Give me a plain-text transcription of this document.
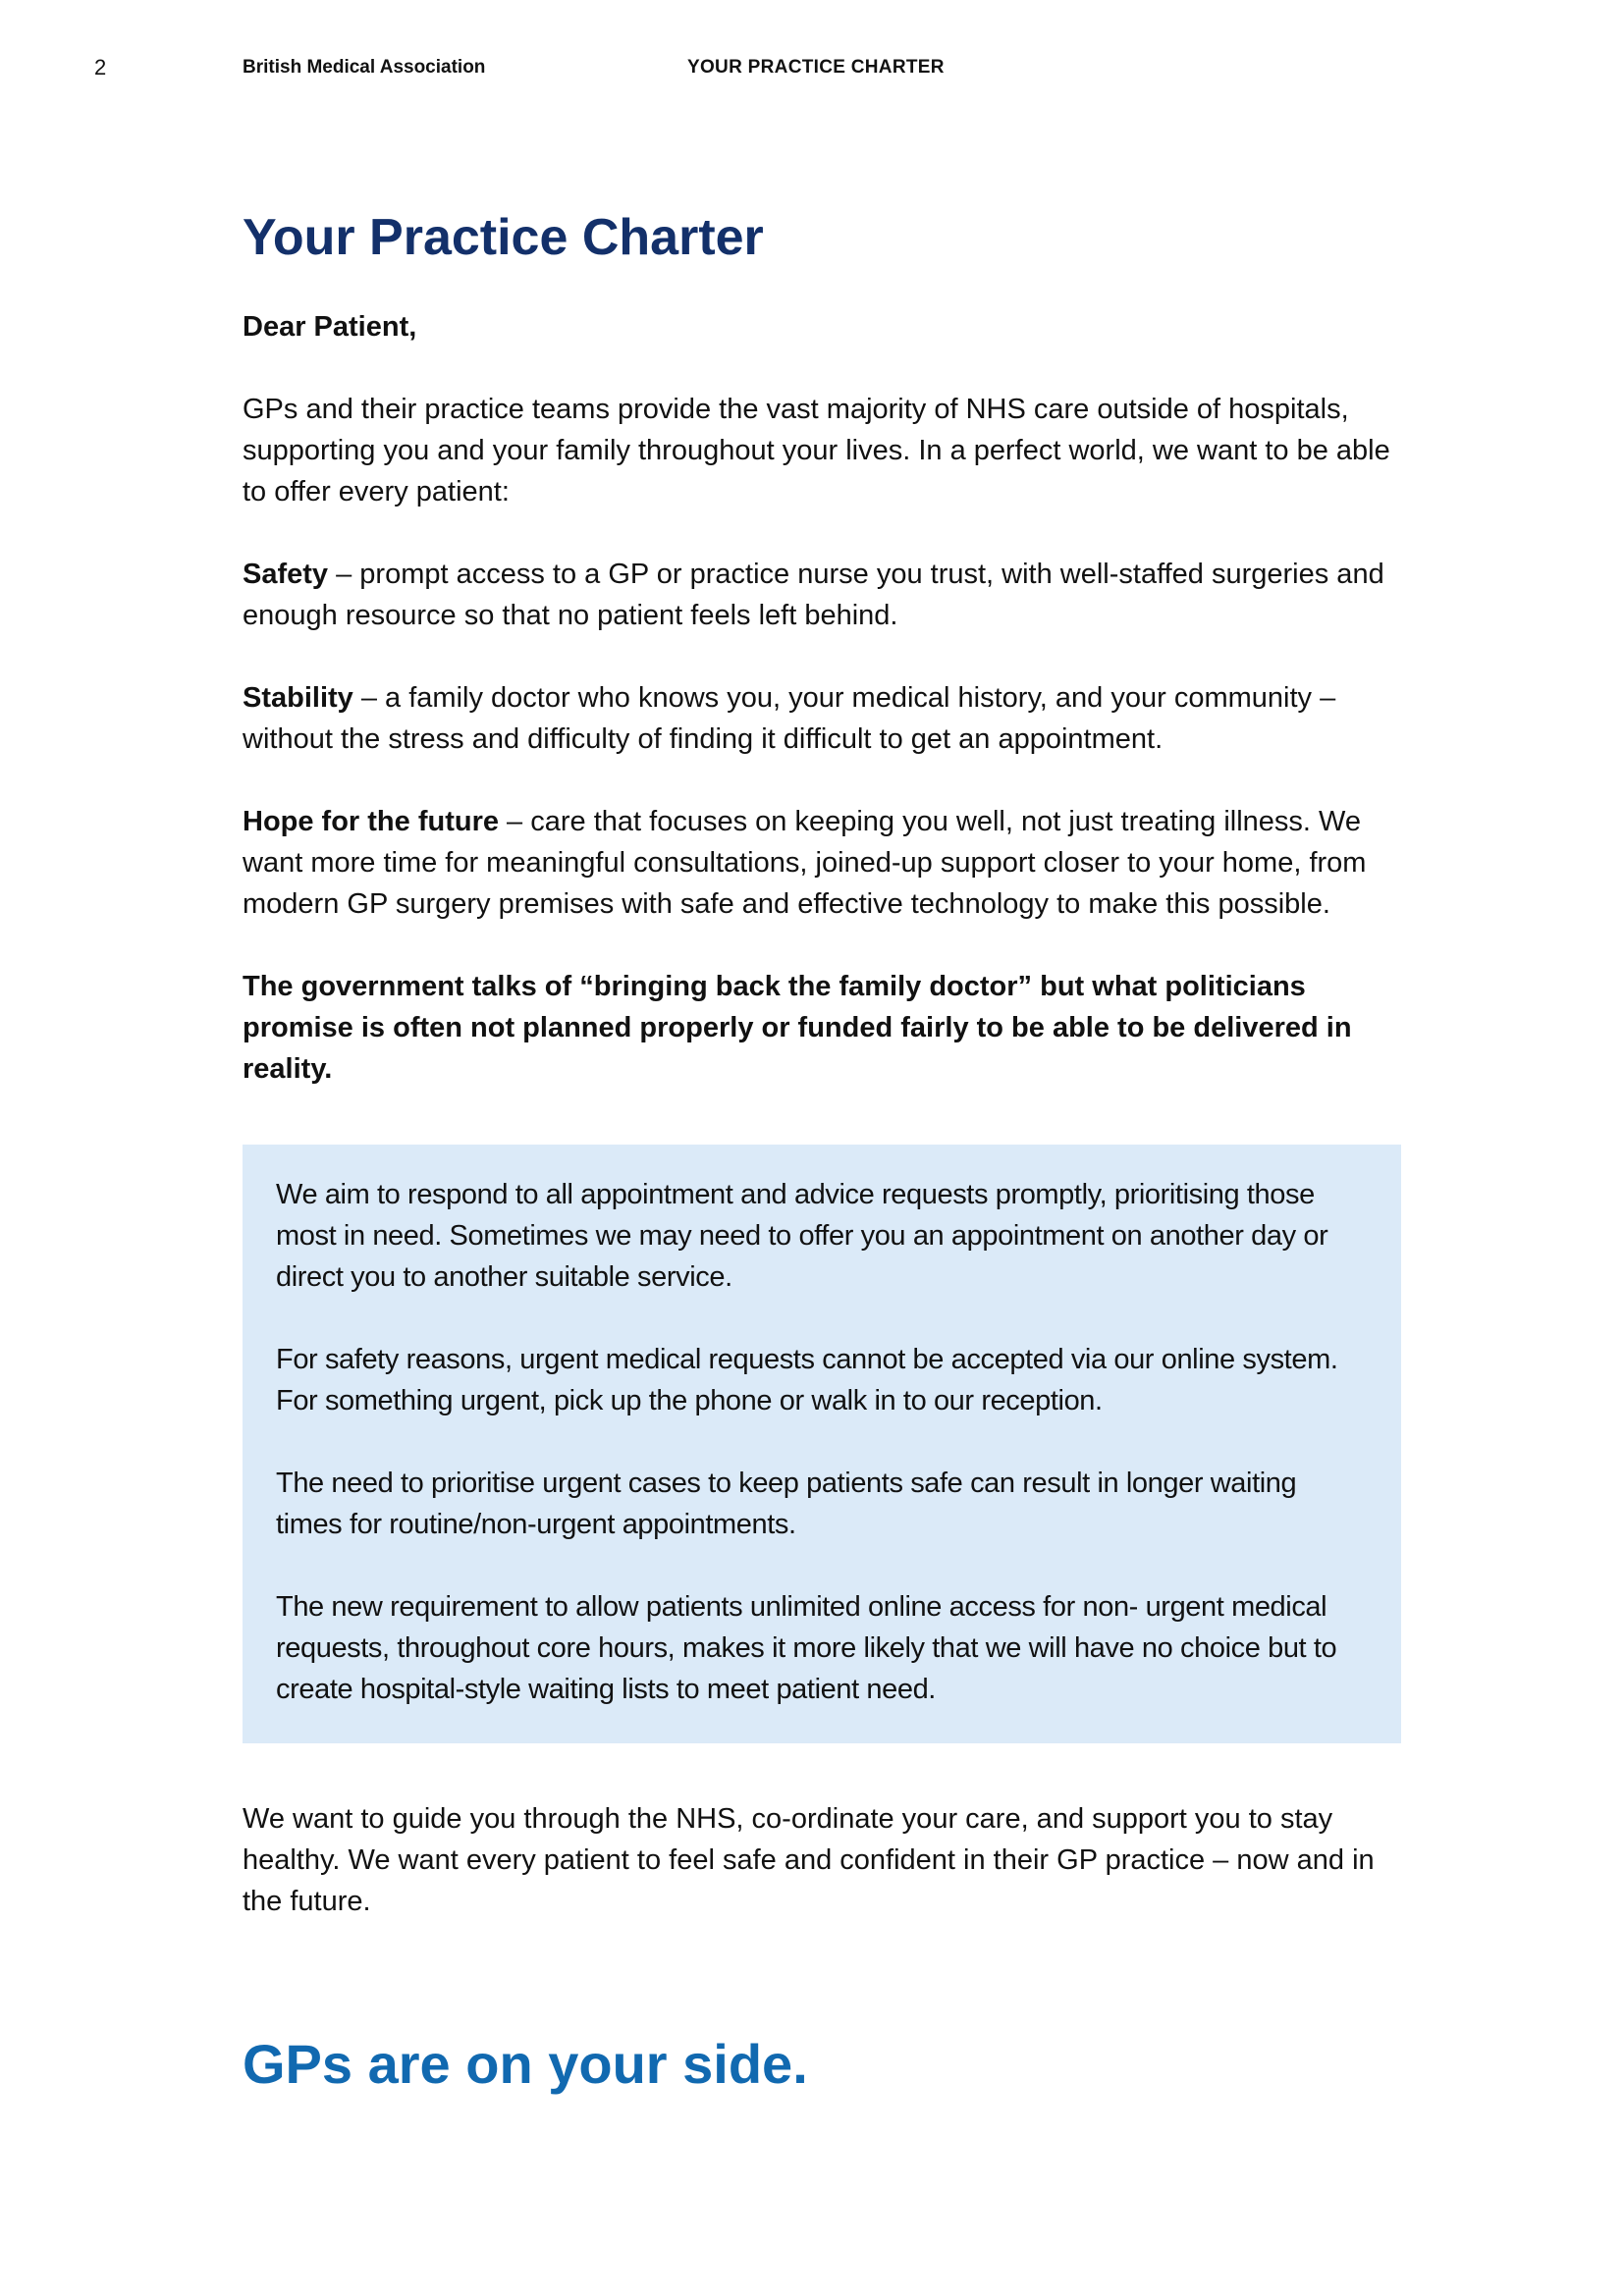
2	British Medical Association	YOUR PRACTICE CHARTER
Your Practice Charter
Dear Patient,

GPs and their practice teams provide the vast majority of NHS care outside of hospitals, supporting you and your family throughout your lives. In a perfect world, we want to be able to offer every patient:

Safety – prompt access to a GP or practice nurse you trust, with well-staffed surgeries and enough resource so that no patient feels left behind.

Stability – a family doctor who knows you, your medical history, and your community – without the stress and difficulty of finding it difficult to get an appointment.

Hope for the future – care that focuses on keeping you well, not just treating illness. We want more time for meaningful consultations, joined-up support closer to your home, from modern GP surgery premises with safe and effective technology to make this possible.

The government talks of “bringing back the family doctor” but what politicians promise is often not planned properly or funded fairly to be able to be delivered in reality.

We aim to respond to all appointment and advice requests promptly, prioritising those most in need. Sometimes we may need to offer you an appointment on another day or direct you to another suitable service.

For safety reasons, urgent medical requests cannot be accepted via our online system. For something urgent, pick up the phone or walk in to our reception.

The need to prioritise urgent cases to keep patients safe can result in longer waiting times for routine/non-urgent appointments.

The new requirement to allow patients unlimited online access for non- urgent medical requests, throughout core hours, makes it more likely that we will have no choice but to create hospital-style waiting lists to meet patient need.

We want to guide you through the NHS, co-ordinate your care, and support you to stay healthy. We want every patient to feel safe and confident in their GP practice – now and in the future.

GPs are on your side.
